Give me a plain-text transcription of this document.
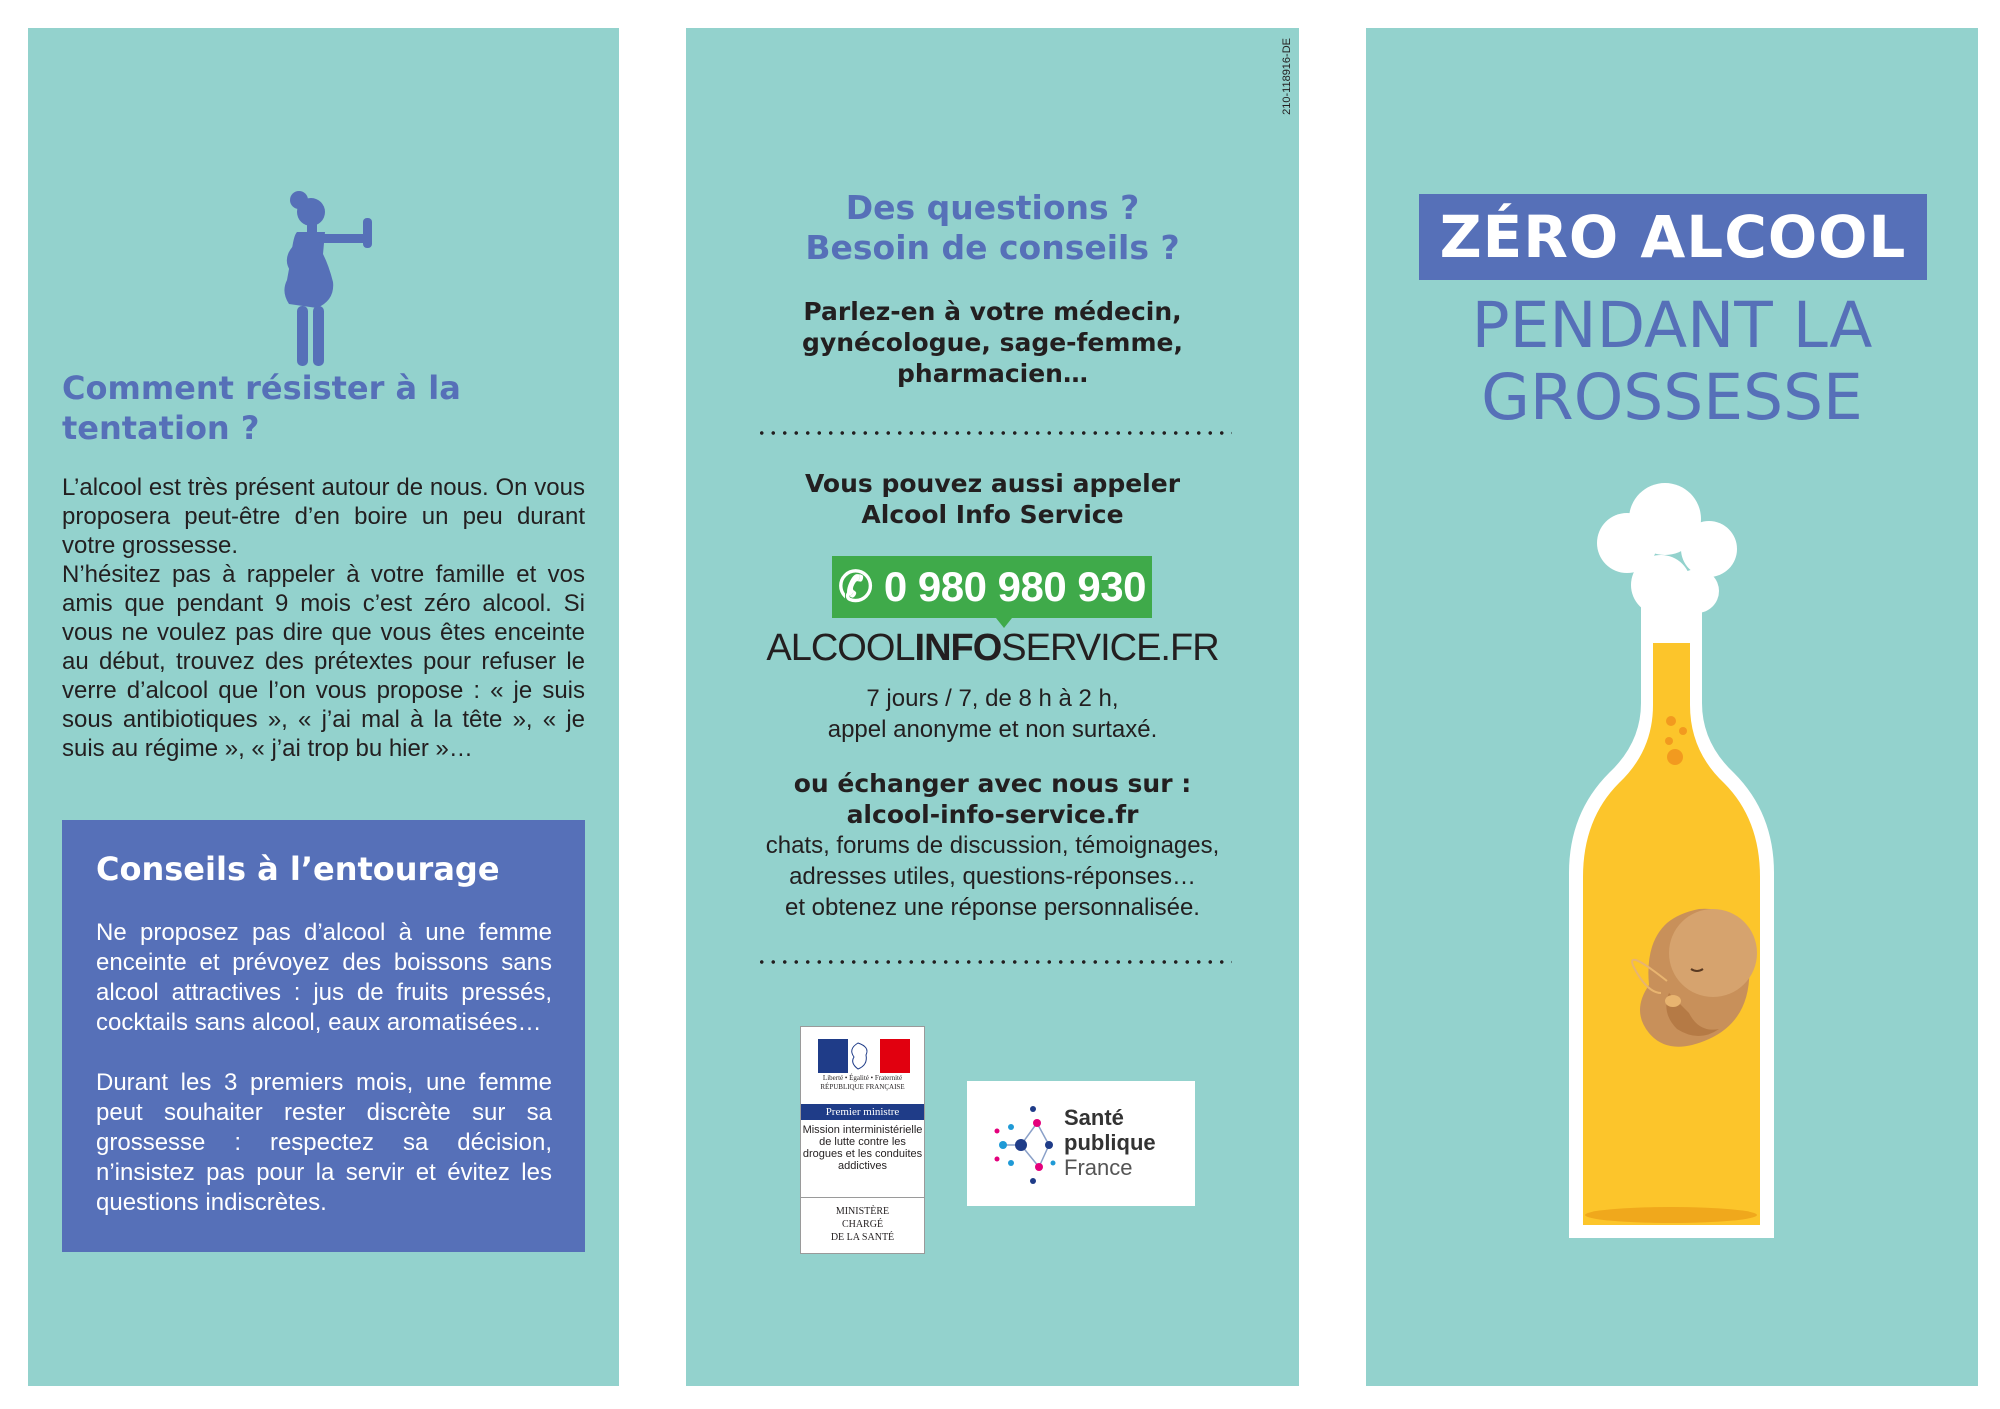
Comment résister à la tentation ?

L’alcool est très présent autour de nous. On vous proposera peut-être d’en boire un peu durant votre grossesse.

N’hésitez pas à rappeler à votre famille et vos amis que pendant 9 mois c’est zéro alcool. Si vous ne voulez pas dire que vous êtes enceinte au début, trouvez des prétextes pour refuser le verre d’alcool que l’on vous propose : « je suis sous antibiotiques », « j’ai mal à la tête », « je suis au régime », « j’ai trop bu hier »…

Conseils à l’entourage

Ne proposez pas d’alcool à une femme enceinte et prévoyez des boissons sans alcool attractives : jus de fruits pressés, cocktails sans alcool, eaux aromatisées…

Durant les 3 premiers mois, une femme peut souhaiter rester discrète sur sa grossesse : respectez sa décision, n’insistez pas pour la servir et évitez les questions indiscrètes.

210-118916-DE
Des questions ?
Besoin de conseils ?
Parlez-en à votre médecin,
gynécologue, sage-femme,
pharmacien…
Vous pouvez aussi appeler
Alcool Info Service
✆ 0 980 980 930
ALCOOLINFOSERVICE.FR
7 jours / 7, de 8 h à 2 h,
appel anonyme et non surtaxé.
ou échanger avec nous sur :
alcool-info-service.fr
chats, forums de discussion, témoignages,
adresses utiles, questions-réponses…
et obtenez une réponse personnalisée.
Liberté • Égalité • Fraternité
RÉPUBLIQUE FRANÇAISE
Premier ministre
Mission interministérielle de lutte contre les drogues et les conduites addictives
MINISTÈRE
CHARGÉ
DE LA SANTÉ
Santé
publique
France
ZÉRO ALCOOL
PENDANT LA
GROSSESSE
